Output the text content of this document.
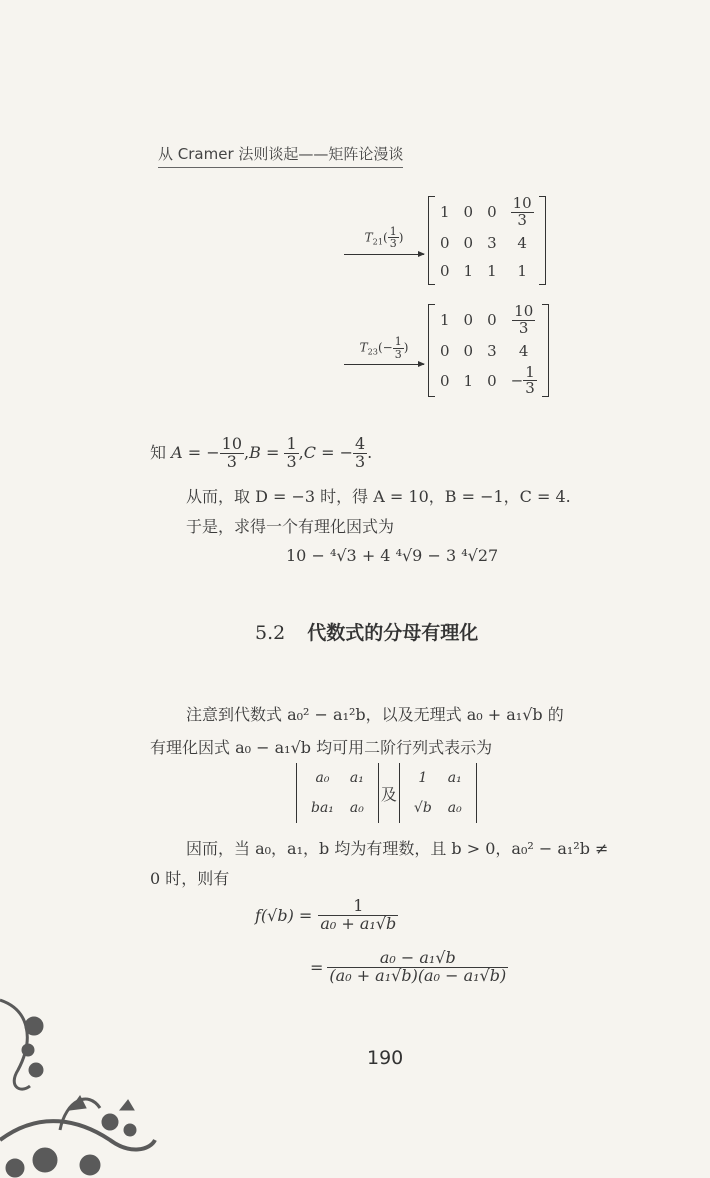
从 Cramer 法则谈起——矩阵论漫谈
$T_{21}( \frac{1}{3}$ )
1	0	0	$\frac{10}{3}$

0	0	3	4
0	1	1	1
$T_{23}(- \frac{1}{3}$ )
1	0	0	$\frac{10}{3}$

0	0	3	4
0	1	0	− $\frac{1}{3}$
知 A = − $\frac{10}{3} ,B = \frac{1}{3} ,C$ = − $\frac{4}{3}$ .
从而，取 D = −3 时，得 A = 10，B = −1，C = 4.
于是，求得一个有理化因式为
10 − ⁴√3 + 4 ⁴√9 − 3 ⁴√27
5.2 代数式的分母有理化
注意到代数式 a₀² − a₁²b，以及无理式 a₀ + a₁√b 的
有理化因式 a₀ − a₁√b 均可用二阶行列式表示为
a₀	a₁
ba₁	a₀
及
1	a₁
√b	a₀
因而，当 a₀，a₁，b 均为有理数，且 b > 0，a₀² − a₁²b ≠
0 时，则有
$f(√b) = \frac{1}{\text{a₀ + a₁√b}}$
= $\frac{\text{a₀ − a₁√b}}{\text{(a₀ + a₁√b)(a₀ − a₁√b)}}$
190
